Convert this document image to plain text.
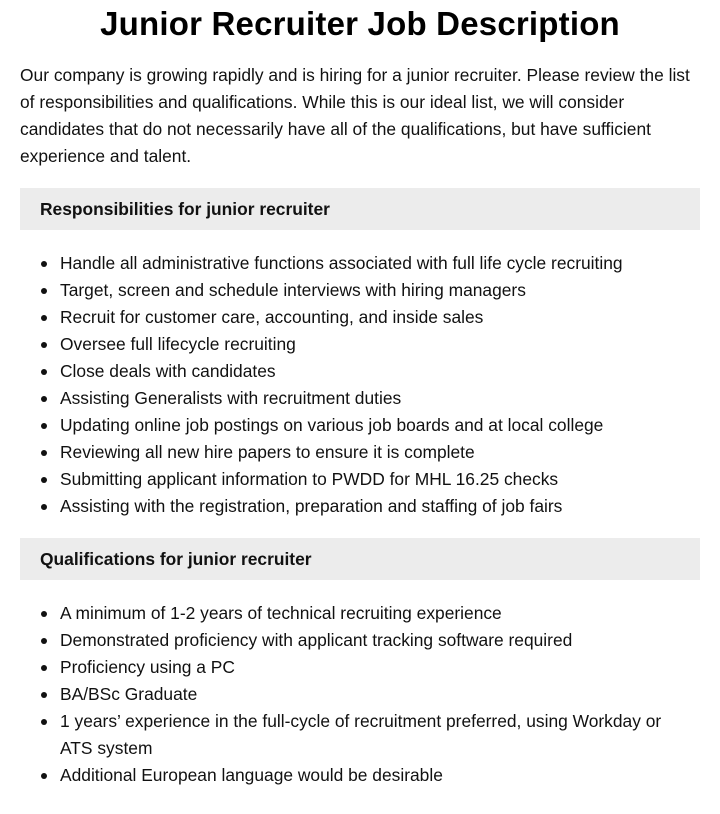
Junior Recruiter Job Description

Our company is growing rapidly and is hiring for a junior recruiter. Please review the list of responsibilities and qualifications. While this is our ideal list, we will consider candidates that do not necessarily have all of the qualifications, but have sufficient experience and talent.

Responsibilities for junior recruiter
Handle all administrative functions associated with full life cycle recruiting
Target, screen and schedule interviews with hiring managers
Recruit for customer care, accounting, and inside sales
Oversee full lifecycle recruiting
Close deals with candidates
Assisting Generalists with recruitment duties
Updating online job postings on various job boards and at local college
Reviewing all new hire papers to ensure it is complete
Submitting applicant information to PWDD for MHL 16.25 checks
Assisting with the registration, preparation and staffing of job fairs
Qualifications for junior recruiter
A minimum of 1-2 years of technical recruiting experience
Demonstrated proficiency with applicant tracking software required
Proficiency using a PC
BA/BSc Graduate
1 years’ experience in the full-cycle of recruitment preferred, using Workday or ATS system
Additional European language would be desirable
